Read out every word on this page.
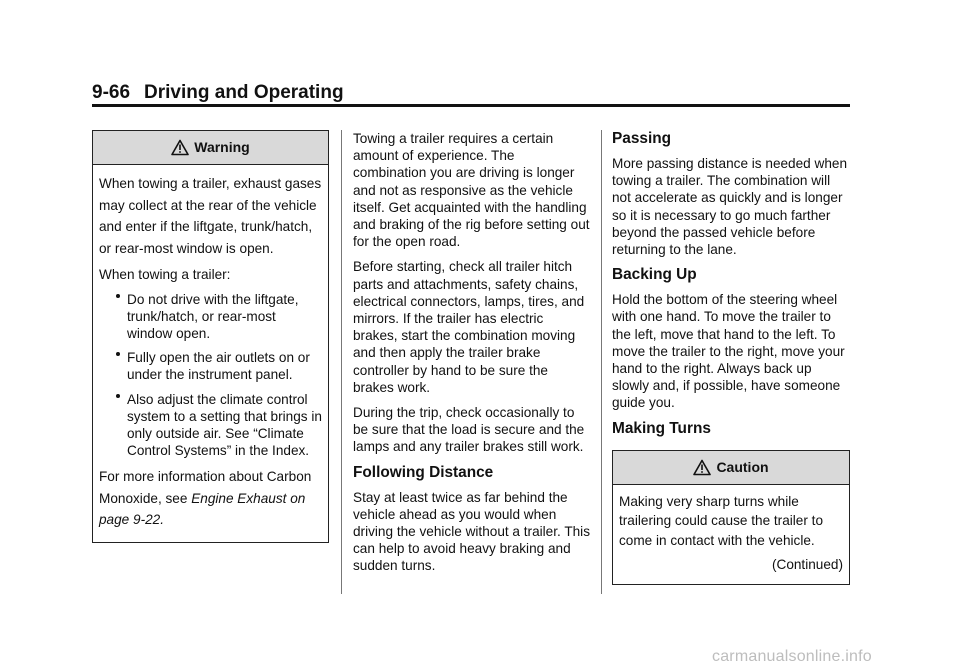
9-66 Driving and Operating
Warning

When towing a trailer, exhaust gases may collect at the rear of the vehicle and enter if the liftgate, trunk/hatch, or rear-most window is open.

When towing a trailer:

Do not drive with the liftgate, trunk/hatch, or rear-most window open.
Fully open the air outlets on or under the instrument panel.
Also adjust the climate control system to a setting that brings in only outside air. See “Climate Control Systems” in the Index.

For more information about Carbon Monoxide, see Engine Exhaust on page 9-22.

Towing a trailer requires a certain amount of experience. The combination you are driving is longer and not as responsive as the vehicle itself. Get acquainted with the handling and braking of the rig before setting out for the open road.

Before starting, check all trailer hitch parts and attachments, safety chains, electrical connectors, lamps, tires, and mirrors. If the trailer has electric brakes, start the combination moving and then apply the trailer brake controller by hand to be sure the brakes work.

During the trip, check occasionally to be sure that the load is secure and the lamps and any trailer brakes still work.

Following Distance

Stay at least twice as far behind the vehicle ahead as you would when driving the vehicle without a trailer. This can help to avoid heavy braking and sudden turns.

Passing

More passing distance is needed when towing a trailer. The combination will not accelerate as quickly and is longer so it is necessary to go much farther beyond the passed vehicle before returning to the lane.

Backing Up

Hold the bottom of the steering wheel with one hand. To move the trailer to the left, move that hand to the left. To move the trailer to the right, move your hand to the right. Always back up slowly and, if possible, have someone guide you.

Making Turns
Caution

Making very sharp turns while trailering could cause the trailer to come in contact with the vehicle.

(Continued)

carmanualsonline.info
